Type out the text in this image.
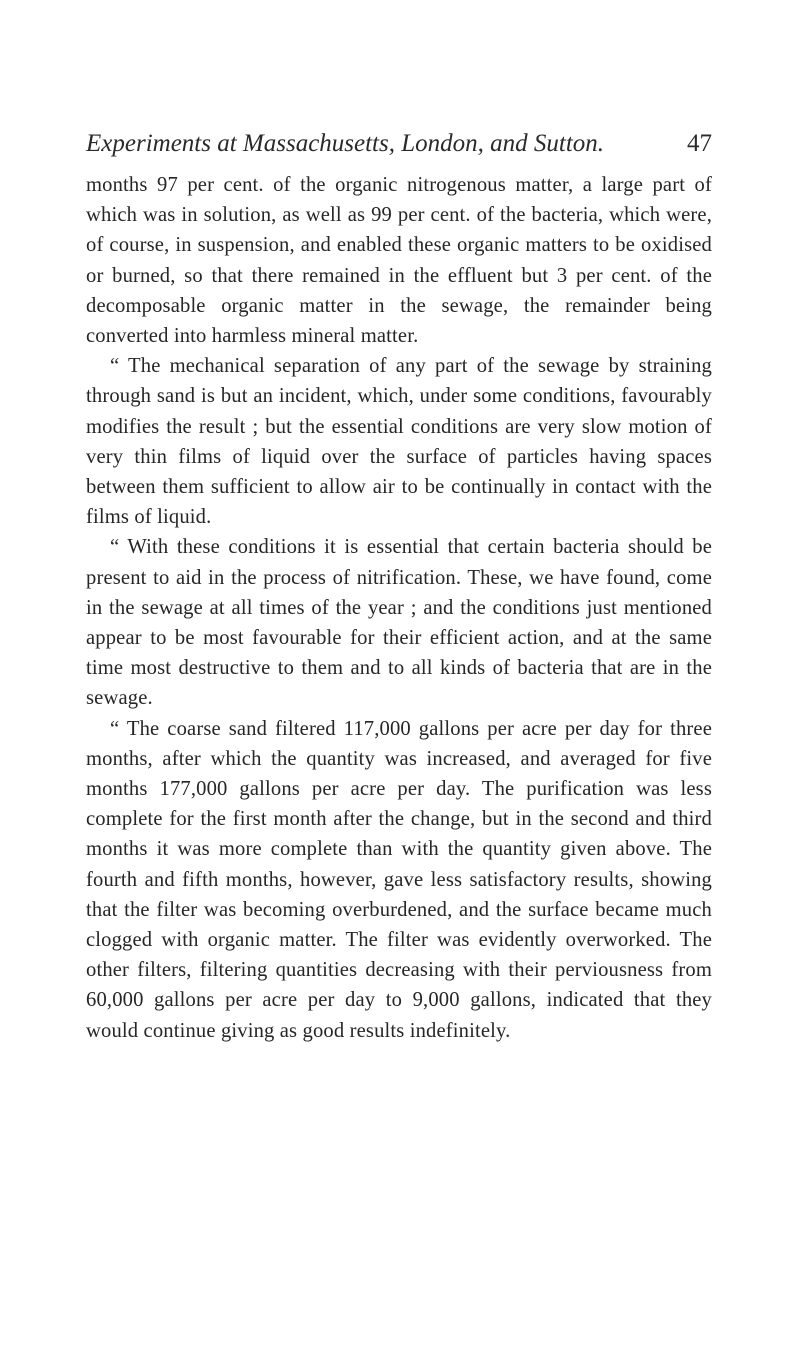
Experiments at Massachusetts, London, and Sutton.	47

months 97 per cent. of the organic nitrogenous matter, a large part of which was in solution, as well as 99 per cent. of the bacteria, which were, of course, in suspension, and enabled these organic matters to be oxidised or burned, so that there remained in the effluent but 3 per cent. of the decomposable organic matter in the sewage, the remainder being converted into harmless mineral matter.

“ The mechanical separation of any part of the sewage by straining through sand is but an incident, which, under some conditions, favourably modifies the result ; but the essential conditions are very slow motion of very thin films of liquid over the surface of particles having spaces between them sufficient to allow air to be continually in contact with the films of liquid.

“ With these conditions it is essential that certain bacteria should be present to aid in the process of nitrification. These, we have found, come in the sewage at all times of the year ; and the conditions just mentioned appear to be most favourable for their efficient action, and at the same time most destructive to them and to all kinds of bacteria that are in the sewage.

“ The coarse sand filtered 117,000 gallons per acre per day for three months, after which the quantity was increased, and averaged for five months 177,000 gallons per acre per day. The purification was less complete for the first month after the change, but in the second and third months it was more complete than with the quantity given above. The fourth and fifth months, however, gave less satisfactory results, showing that the filter was becoming overburdened, and the surface became much clogged with organic matter. The filter was evidently overworked. The other filters, filtering quantities decreasing with their perviousness from 60,000 gallons per acre per day to 9,000 gallons, indicated that they would continue giving as good results indefinitely.
